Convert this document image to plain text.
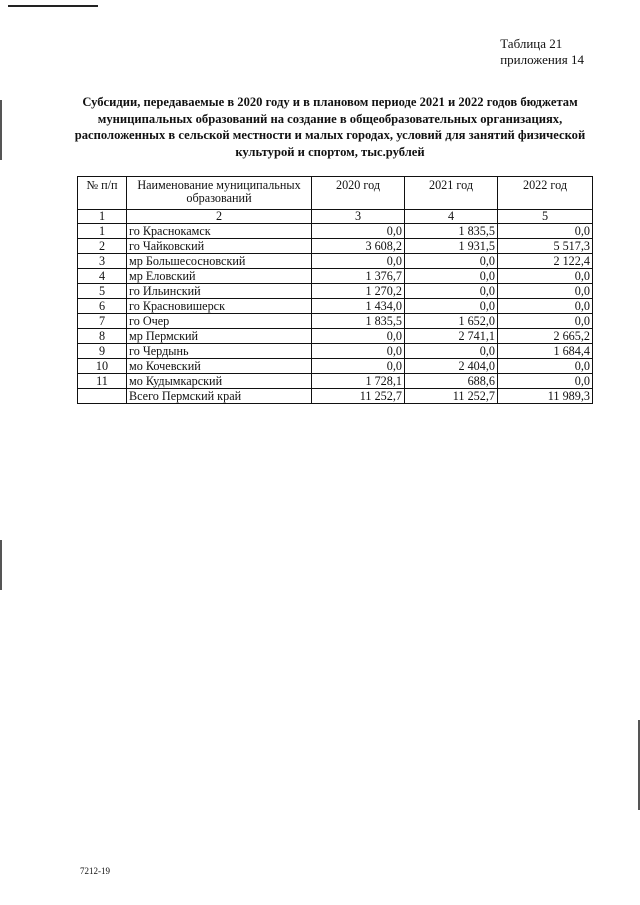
Таблица 21
приложения 14
Субсидии, передаваемые в 2020 году и в плановом периоде 2021 и 2022 годов бюджетам
муниципальных образований на создание в общеобразовательных организациях,
расположенных в сельской местности и малых городах, условий для занятий физической
культурой и спортом, тыс.рублей
№ п/п	Наименование муниципальных образований	2020 год	2021 год	2022 год
1	2	3	4	5
1	го Краснокамск	0,0	1 835,5	0,0
2	го Чайковский	3 608,2	1 931,5	5 517,3
3	мр Большесосновский	0,0	0,0	2 122,4
4	мр Еловский	1 376,7	0,0	0,0
5	го Ильинский	1 270,2	0,0	0,0
6	го Красновишерск	1 434,0	0,0	0,0
7	го Очер	1 835,5	1 652,0	0,0
8	мр Пермский	0,0	2 741,1	2 665,2
9	го Чердынь	0,0	0,0	1 684,4
10	мо Кочевский	0,0	2 404,0	0,0
11	мо Кудымкарский	1 728,1	688,6	0,0
	Всего Пермский край	11 252,7	11 252,7	11 989,3
7212-19
